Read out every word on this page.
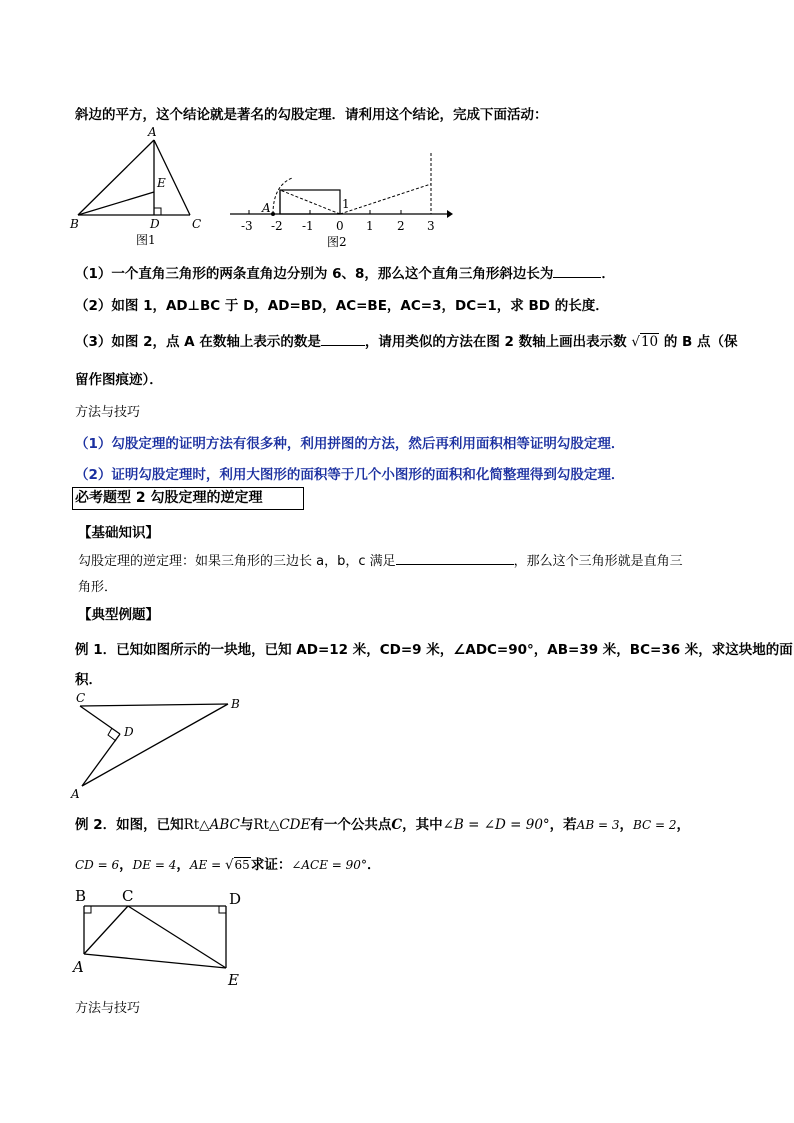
斜边的平方，这个结论就是著名的勾股定理．请利用这个结论，完成下面活动：
A
B	C
D
E
图1
A	1
-3 -2 -1 0 1 2 3
图2
（1）一个直角三角形的两条直角边分别为 6、8，那么这个直角三角形斜边长为	．
（2）如图 1，AD⊥BC 于 D，AD=BD，AC=BE，AC=3，DC=1，求 BD 的长度．
（3）如图 2，点 A 在数轴上表示的数是	，请用类似的方法在图 2 数轴上画出表示数 √10 的 B 点（保
留作图痕迹）．
方法与技巧
（1）勾股定理的证明方法有很多种，利用拼图的方法，然后再利用面积相等证明勾股定理．
（2）证明勾股定理时，利用大图形的面积等于几个小图形的面积和化简整理得到勾股定理．
必考题型 2 勾股定理的逆定理
【基础知识】
勾股定理的逆定理：如果三角形的三边长 a，b，c 满足	，那么这个三角形就是直角三
角形．
【典型例题】
例 1．已知如图所示的一块地，已知 AD=12 米，CD=9 米，∠ADC=90°，AB=39 米，BC=36 米，求这块地的面
积．
C	B
D
A
例 2．如图，已知Rt△ABC与Rt△CDE有一个公共点C，其中∠B = ∠D = 90°，若AB = 3，BC = 2，
CD = 6，DE = 4，AE = √65求证：∠ACE = 90°．
B C	D
A
E
方法与技巧
